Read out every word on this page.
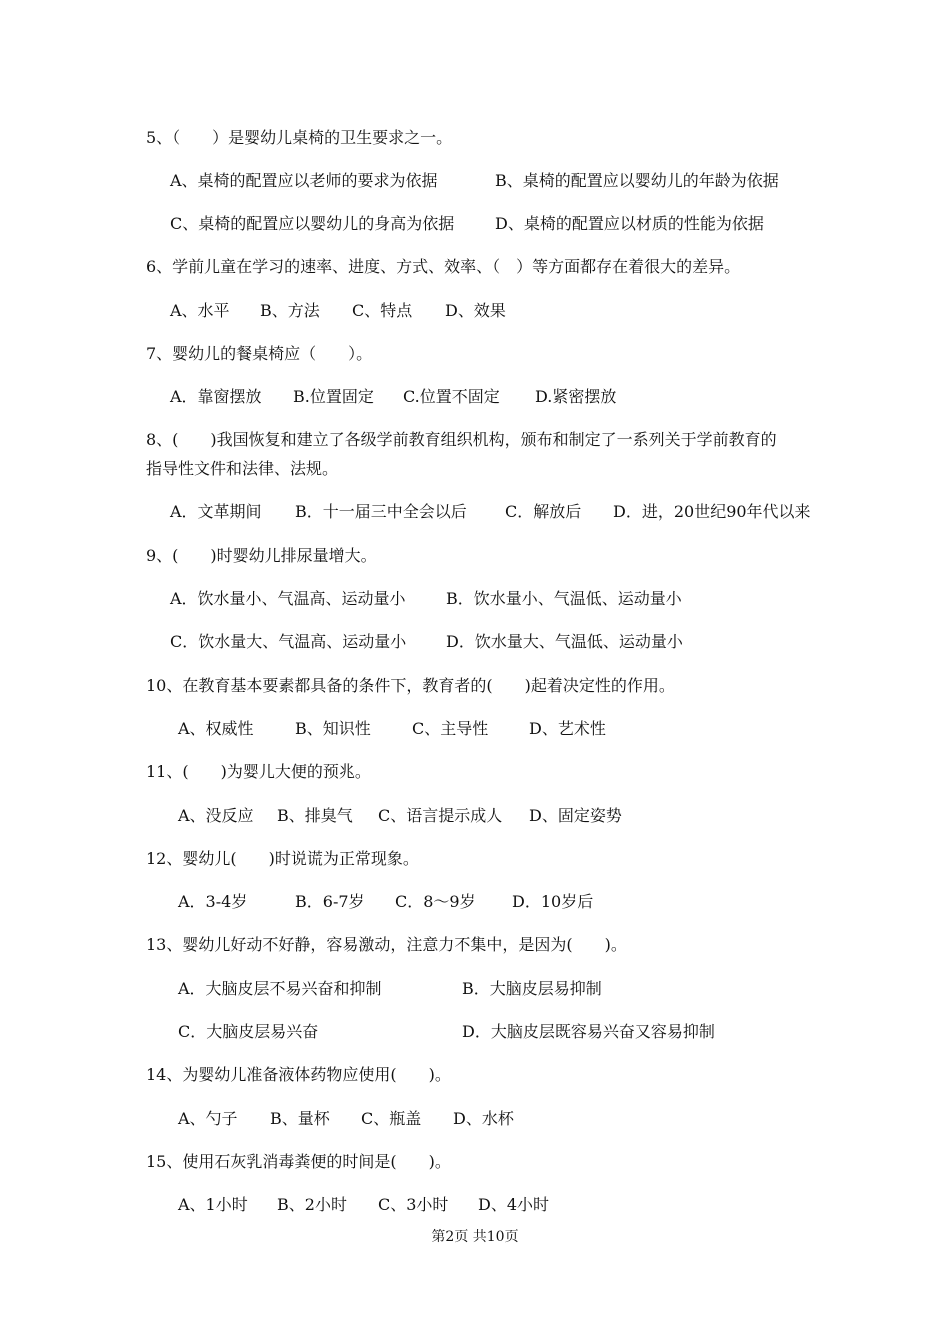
5、（　　）是婴幼儿桌椅的卫生要求之一。
A、桌椅的配置应以老师的要求为依据	B、桌椅的配置应以婴幼儿的年龄为依据
C、桌椅的配置应以婴幼儿的身高为依据	D、桌椅的配置应以材质的性能为依据
6、学前儿童在学习的速率、进度、方式、效率、（　）等方面都存在着很大的差异。
A、水平 B、方法 C、特点 D、效果
7、婴幼儿的餐桌椅应（　　）。
A．靠窗摆放 B.位置固定 C.位置不固定 D.紧密摆放
8、(　　)我国恢复和建立了各级学前教育组织机构，颁布和制定了一系列关于学前教育的
指导性文件和法律、法规。
A．文革期间 B．十一届三中全会以后 C．解放后 D．进，20世纪90年代以来
9、(　　)时婴幼儿排尿量增大。
A．饮水量小、气温高、运动量小	B．饮水量小、气温低、运动量小
C．饮水量大、气温高、运动量小 D．饮水量大、气温低、运动量小
10、在教育基本要素都具备的条件下，教育者的(　　)起着决定性的作用。
A、权威性	B、知识性	C、主导性	D、艺术性
11、(　　)为婴儿大便的预兆。
A、没反应 B、排臭气 C、语言提示成人 D、固定姿势
12、婴幼儿(　　)时说谎为正常现象。
A．3-4岁	B．6-7岁 C．8～9岁 D．10岁后
13、婴幼儿好动不好静，容易激动，注意力不集中，是因为(　　)。
A．大脑皮层不易兴奋和抑制	B．大脑皮层易抑制
C．大脑皮层易兴奋	D．大脑皮层既容易兴奋又容易抑制
14、为婴幼儿准备液体药物应使用(　　)。
A、勺子 B、量杯 C、瓶盖 D、水杯
15、使用石灰乳消毒粪便的时间是(　　)。
A、1小时 B、2小时 C、3小时 D、4小时
第2页 共10页
